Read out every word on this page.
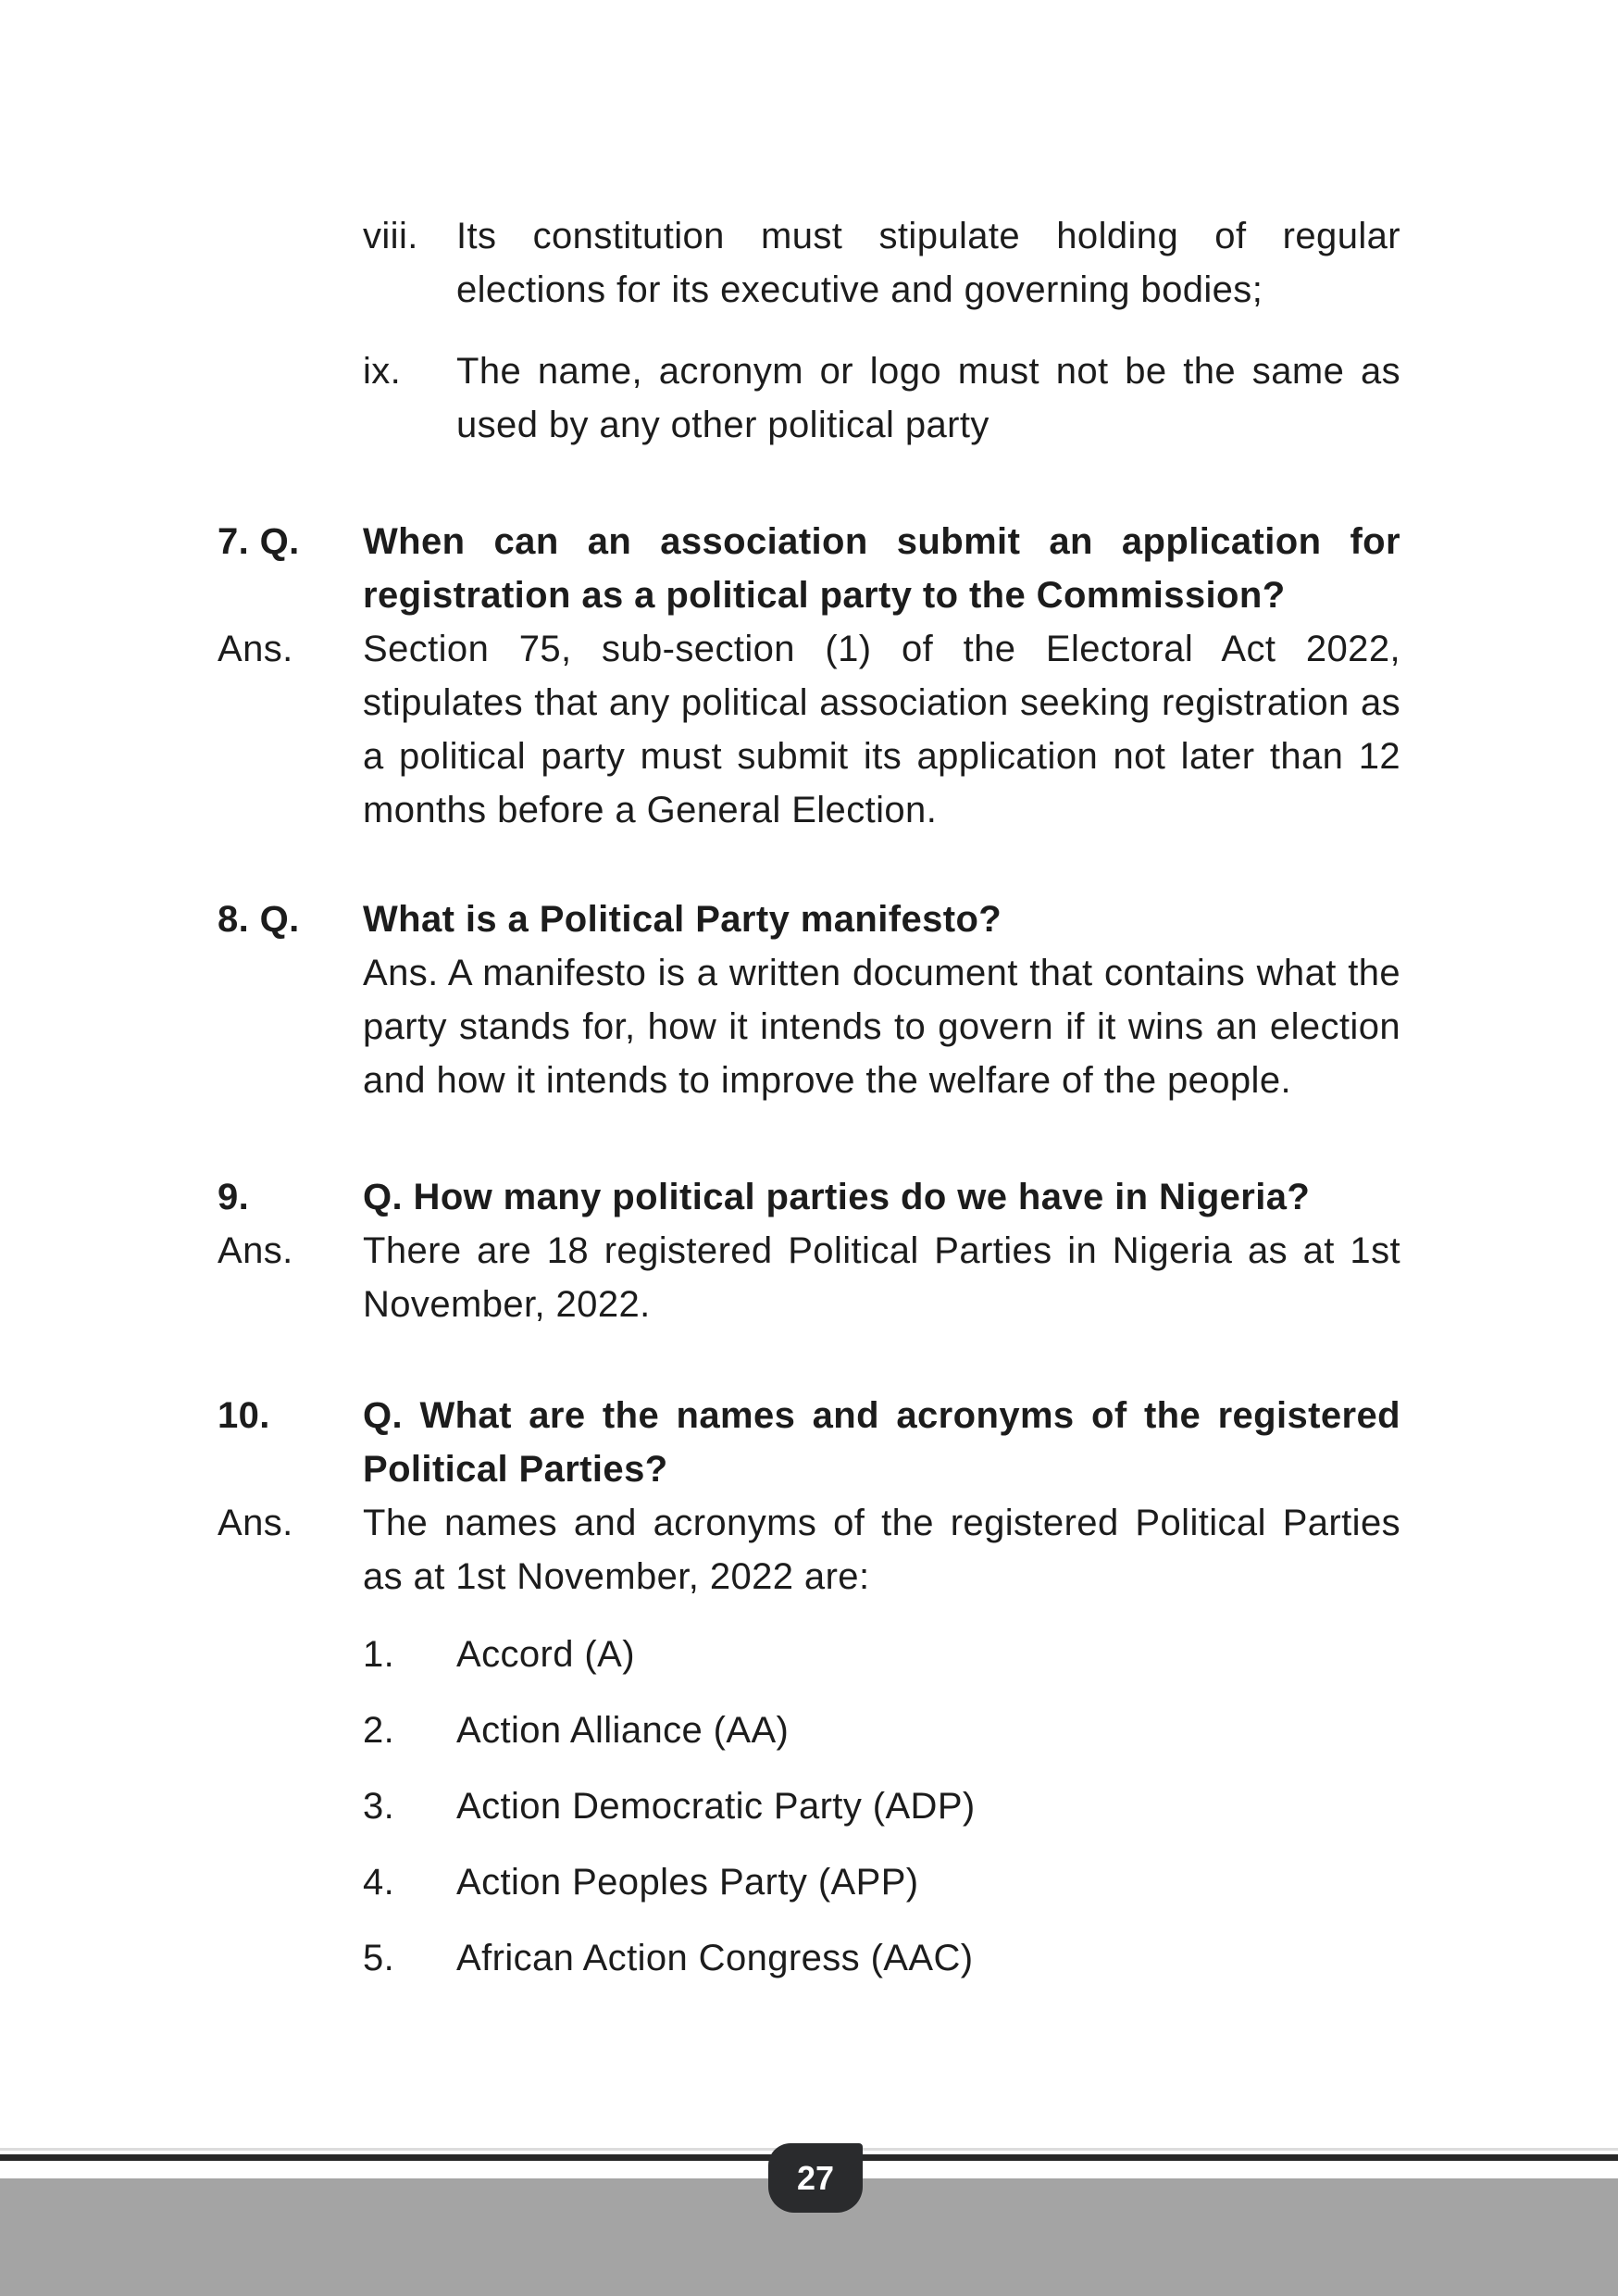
viii.	Its constitution must stipulate holding of regular elections for its executive and governing bodies;
ix.	The name, acronym or logo must not be the same as used by any other political party
7. Q.	When can an association submit an application for registration as a political party to the Commission?
Ans.	Section 75, sub-section (1) of the Electoral Act 2022, stipulates that any political association seeking registration as a political party must submit its application not later than 12 months before a General Election.
8. Q.	What is a Political Party manifesto?
Ans. A manifesto is a written document that contains what the party stands for, how it intends to govern if it wins an election and how it intends to improve the welfare of the people.
9.	Q. How many political parties do we have in Nigeria?
Ans.	There are 18 registered Political Parties in Nigeria as at 1st November, 2022.
10.	Q. What are the names and acronyms of the registered Political Parties?
Ans.	The names and acronyms of the registered Political Parties as at 1st November, 2022 are:
1.	Accord (A)
2.	Action Alliance (AA)
3.	Action Democratic Party (ADP)
4.	Action Peoples Party (APP)
5.	African Action Congress (AAC)
27
